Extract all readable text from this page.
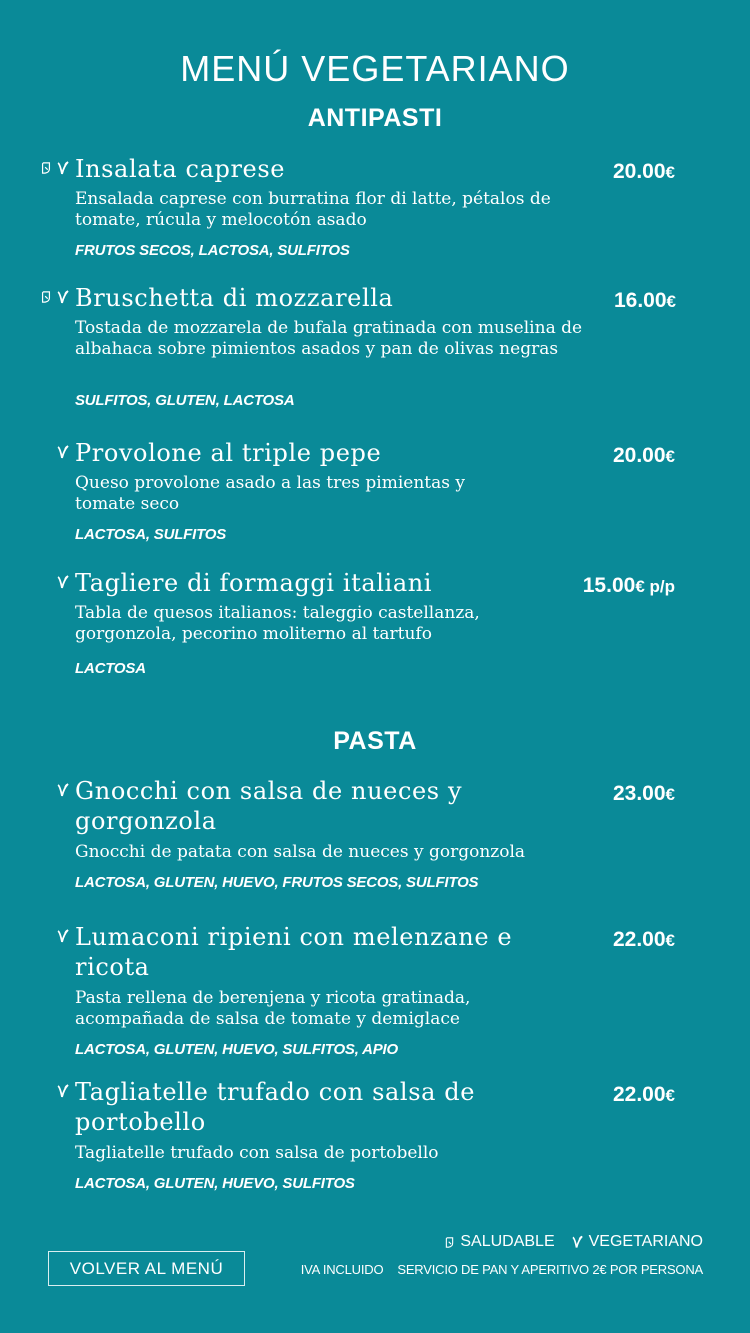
MENÚ VEGETARIANO
ANTIPASTI
Insalata caprese	20.00€
Ensalada caprese con burratina flor di latte, pétalos de tomate, rúcula y melocotón asado
FRUTOS SECOS, LACTOSA, SULFITOS
Bruschetta di mozzarella	16.00€
Tostada de mozzarela de bufala gratinada con muselina de albahaca sobre pimientos asados y pan de olivas negras
SULFITOS, GLUTEN, LACTOSA
Provolone al triple pepe	20.00€
Queso provolone asado a las tres pimientas y tomate seco
LACTOSA, SULFITOS
Tagliere di formaggi italiani	15.00€ p/p
Tabla de quesos italianos: taleggio castellanza, gorgonzola, pecorino moliterno al tartufo
LACTOSA
PASTA
Gnocchi con salsa de nueces y gorgonzola
23.00€
Gnocchi de patata con salsa de nueces y gorgonzola
LACTOSA, GLUTEN, HUEVO, FRUTOS SECOS, SULFITOS
Lumaconi ripieni con melenzane e ricota
22.00€
Pasta rellena de berenjena y ricota gratinada, acompañada de salsa de tomate y demiglace
LACTOSA, GLUTEN, HUEVO, SULFITOS, APIO
Tagliatelle trufado con salsa de portobello
22.00€
Tagliatelle trufado con salsa de portobello
LACTOSA, GLUTEN, HUEVO, SULFITOS
SALUDABLE VEGETARIANO
IVA INCLUIDO SERVICIO DE PAN Y APERITIVO 2€ POR PERSONA
VOLVER AL MENÚ
